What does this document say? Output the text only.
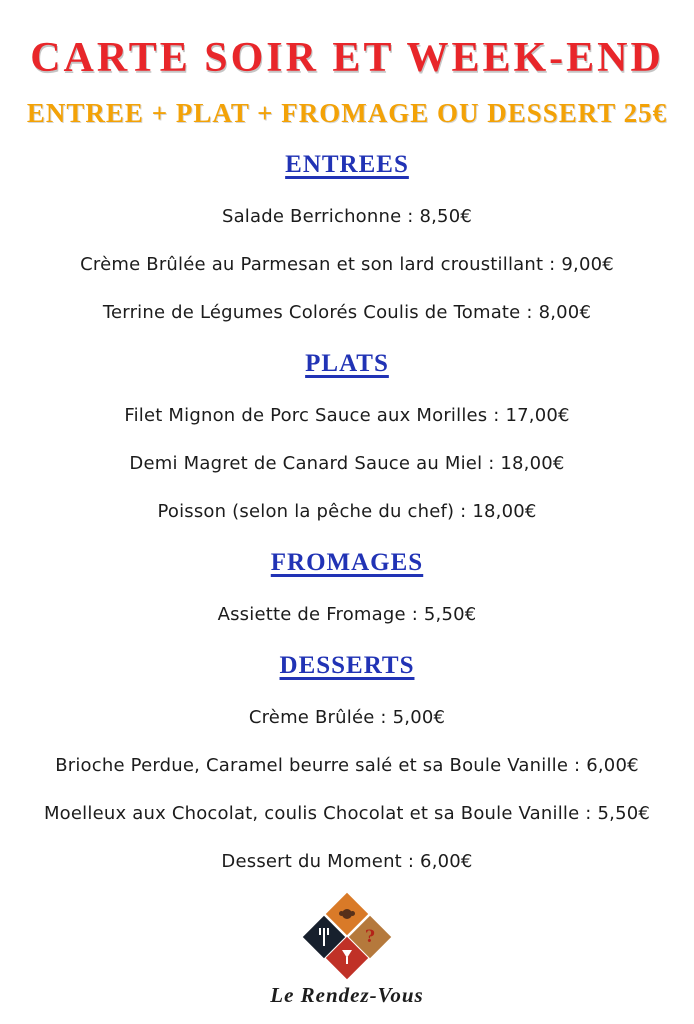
CARTE SOIR ET WEEK-END
ENTREE + PLAT + FROMAGE OU DESSERT 25€
ENTREES

Salade Berrichonne : 8,50€

Crème Brûlée au Parmesan et son lard croustillant : 9,00€

Terrine de Légumes Colorés Coulis de Tomate : 8,00€

PLATS

Filet Mignon de Porc Sauce aux Morilles : 17,00€

Demi Magret de Canard Sauce au Miel : 18,00€

Poisson (selon la pêche du chef) : 18,00€

FROMAGES

Assiette de Fromage : 5,50€

DESSERTS

Crème Brûlée : 5,00€

Brioche Perdue, Caramel beurre salé et sa Boule Vanille : 6,00€

Moelleux aux Chocolat, coulis Chocolat et sa Boule Vanille : 5,50€

Dessert du Moment : 6,00€

?
Le Rendez-Vous
